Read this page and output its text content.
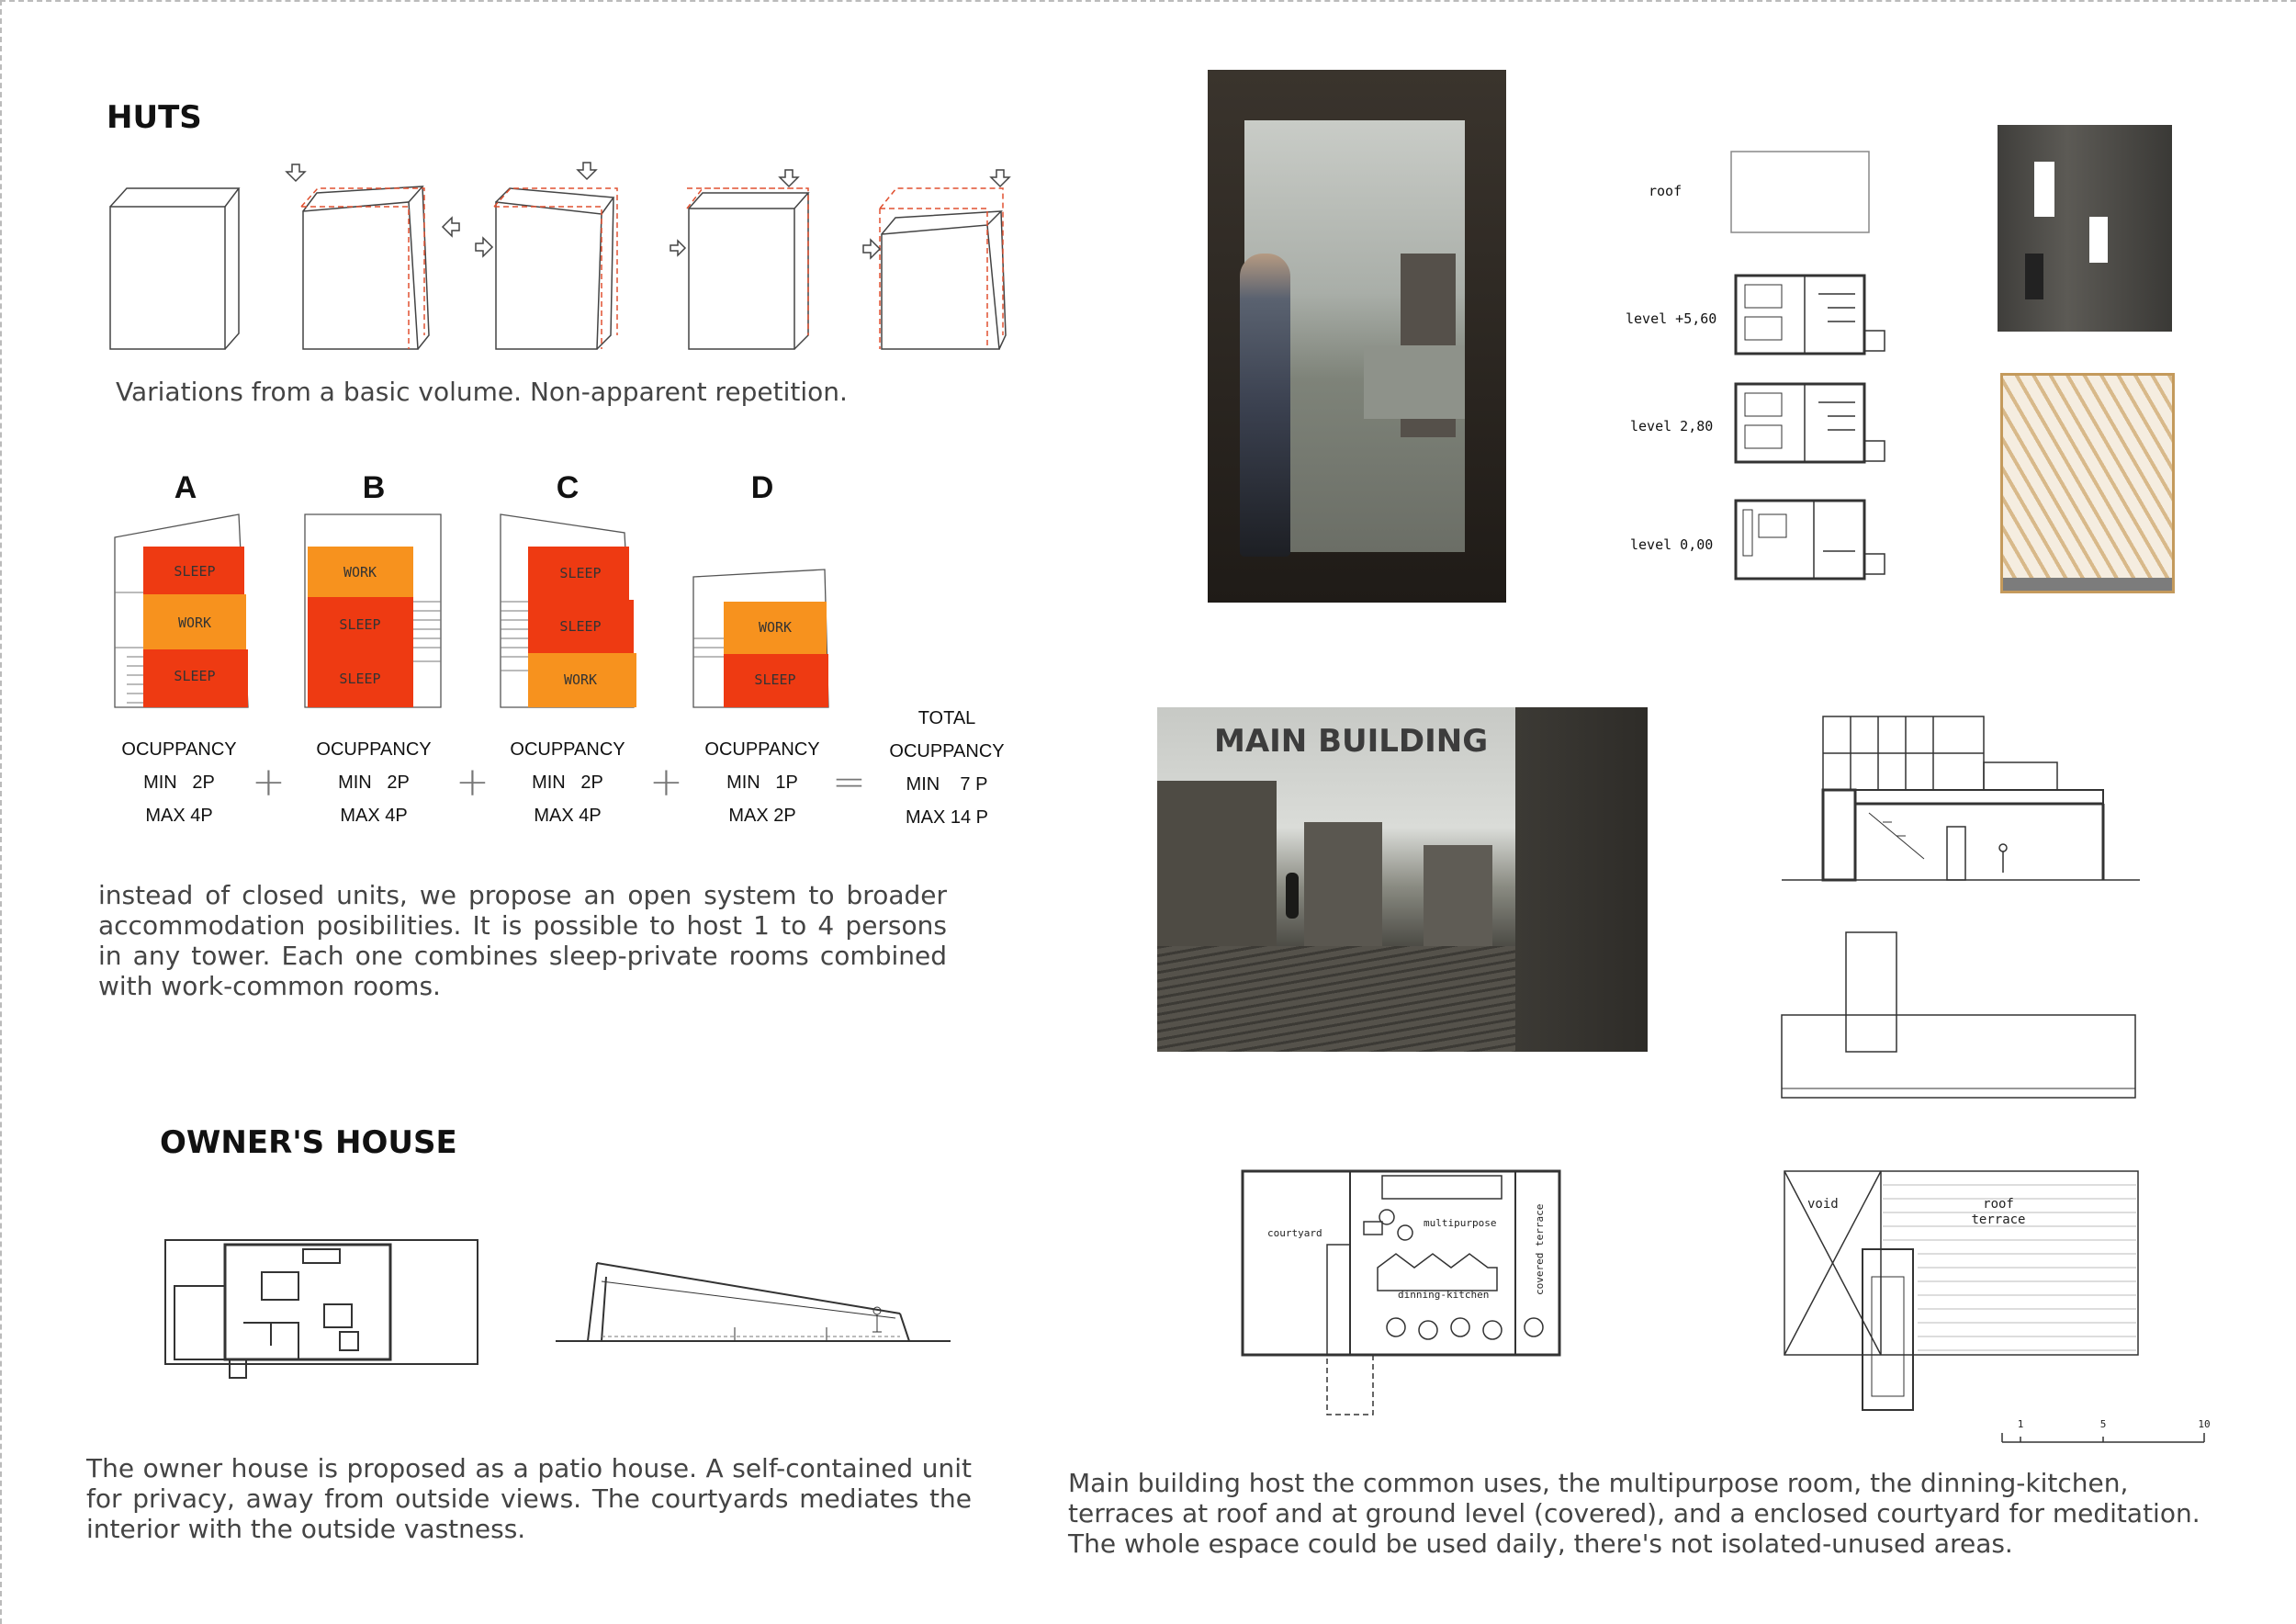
HUTS
Variations from a basic volume. Non-apparent repetition.
A	B	C	D
SLEEP
WORK
SLEEP
WORK
SLEEP
SLEEP
SLEEP
SLEEP
WORK
WORK
SLEEP
OCUPPANCY
MIN   2P
MAX 4P
OCUPPANCY
MIN   2P
MAX 4P
OCUPPANCY
MIN   2P
MAX 4P
OCUPPANCY
MIN   1P
MAX 2P
TOTAL
OCUPPANCY
MIN    7 P
MAX 14 P
+	+	+	=
instead of closed units, we propose an open system to broader accommodation posibilities. It is possible to host 1 to 4 persons in any tower. Each one combines sleep-private rooms combined with work-common rooms.
OWNER'S HOUSE
The owner house is proposed as a patio house. A self-contained unit for privacy, away from outside views. The courtyards mediates the interior with the outside vastness.
roof
level +5,60
level 2,80
level 0,00
MAIN BUILDING
courtyard
multipurpose
dinning-kitchen	covered terrace	void	roof
terrace
1	5	10
Main building host the common uses, the multipurpose room, the dinning-kitchen, terraces at roof and at ground level (covered), and a enclosed courtyard for meditation.
The whole espace could be used daily, there's not isolated-unused areas.
